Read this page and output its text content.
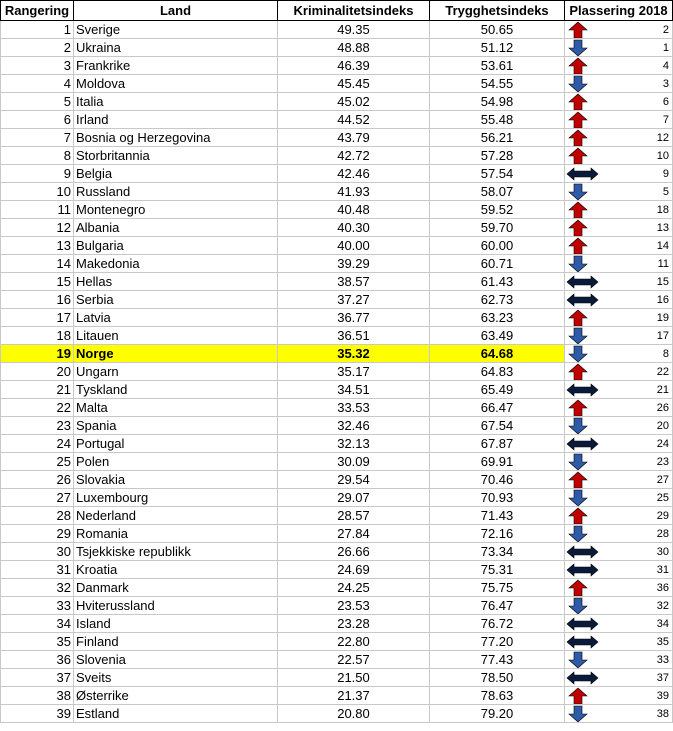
Rangering	Land	Kriminalitetsindeks	Trygghetsindeks	Plassering 2018
1	Sverige	49.35	50.65	2
2	Ukraina	48.88	51.12	1
3	Frankrike	46.39	53.61	4
4	Moldova	45.45	54.55	3
5	Italia	45.02	54.98	6
6	Irland	44.52	55.48	7
7	Bosnia og Herzegovina	43.79	56.21	12
8	Storbritannia	42.72	57.28	10
9	Belgia	42.46	57.54	9
10	Russland	41.93	58.07	5
11	Montenegro	40.48	59.52	18
12	Albania	40.30	59.70	13
13	Bulgaria	40.00	60.00	14
14	Makedonia	39.29	60.71	11
15	Hellas	38.57	61.43	15
16	Serbia	37.27	62.73	16
17	Latvia	36.77	63.23	19
18	Litauen	36.51	63.49	17
19	Norge	35.32	64.68	8
20	Ungarn	35.17	64.83	22
21	Tyskland	34.51	65.49	21
22	Malta	33.53	66.47	26
23	Spania	32.46	67.54	20
24	Portugal	32.13	67.87	24
25	Polen	30.09	69.91	23
26	Slovakia	29.54	70.46	27
27	Luxembourg	29.07	70.93	25
28	Nederland	28.57	71.43	29
29	Romania	27.84	72.16	28
30	Tsjekkiske republikk	26.66	73.34	30
31	Kroatia	24.69	75.31	31
32	Danmark	24.25	75.75	36
33	Hviterussland	23.53	76.47	32
34	Island	23.28	76.72	34
35	Finland	22.80	77.20	35
36	Slovenia	22.57	77.43	33
37	Sveits	21.50	78.50	37
38	Østerrike	21.37	78.63	39
39	Estland	20.80	79.20	38
